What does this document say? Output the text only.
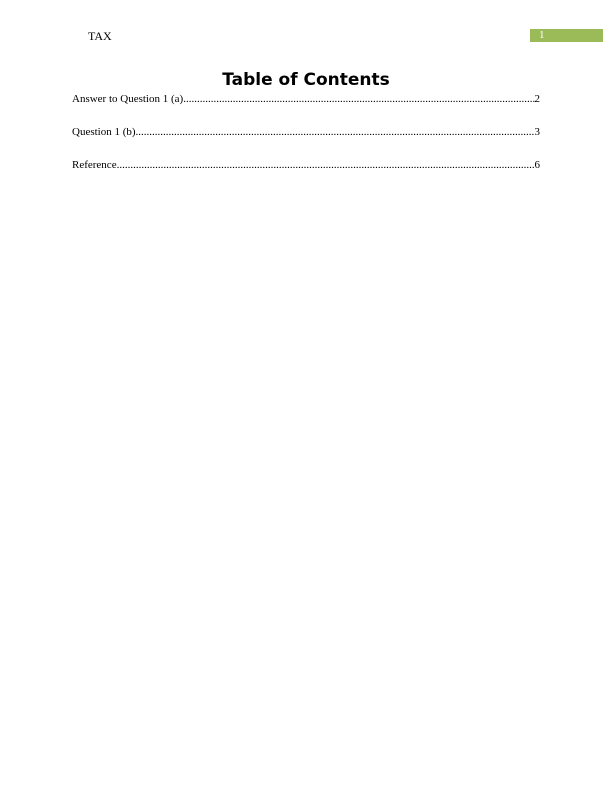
TAX	1
Table of Contents
Answer to Question 1 (a) .....	2
Question 1 (b) .....	3
Reference .....	6
